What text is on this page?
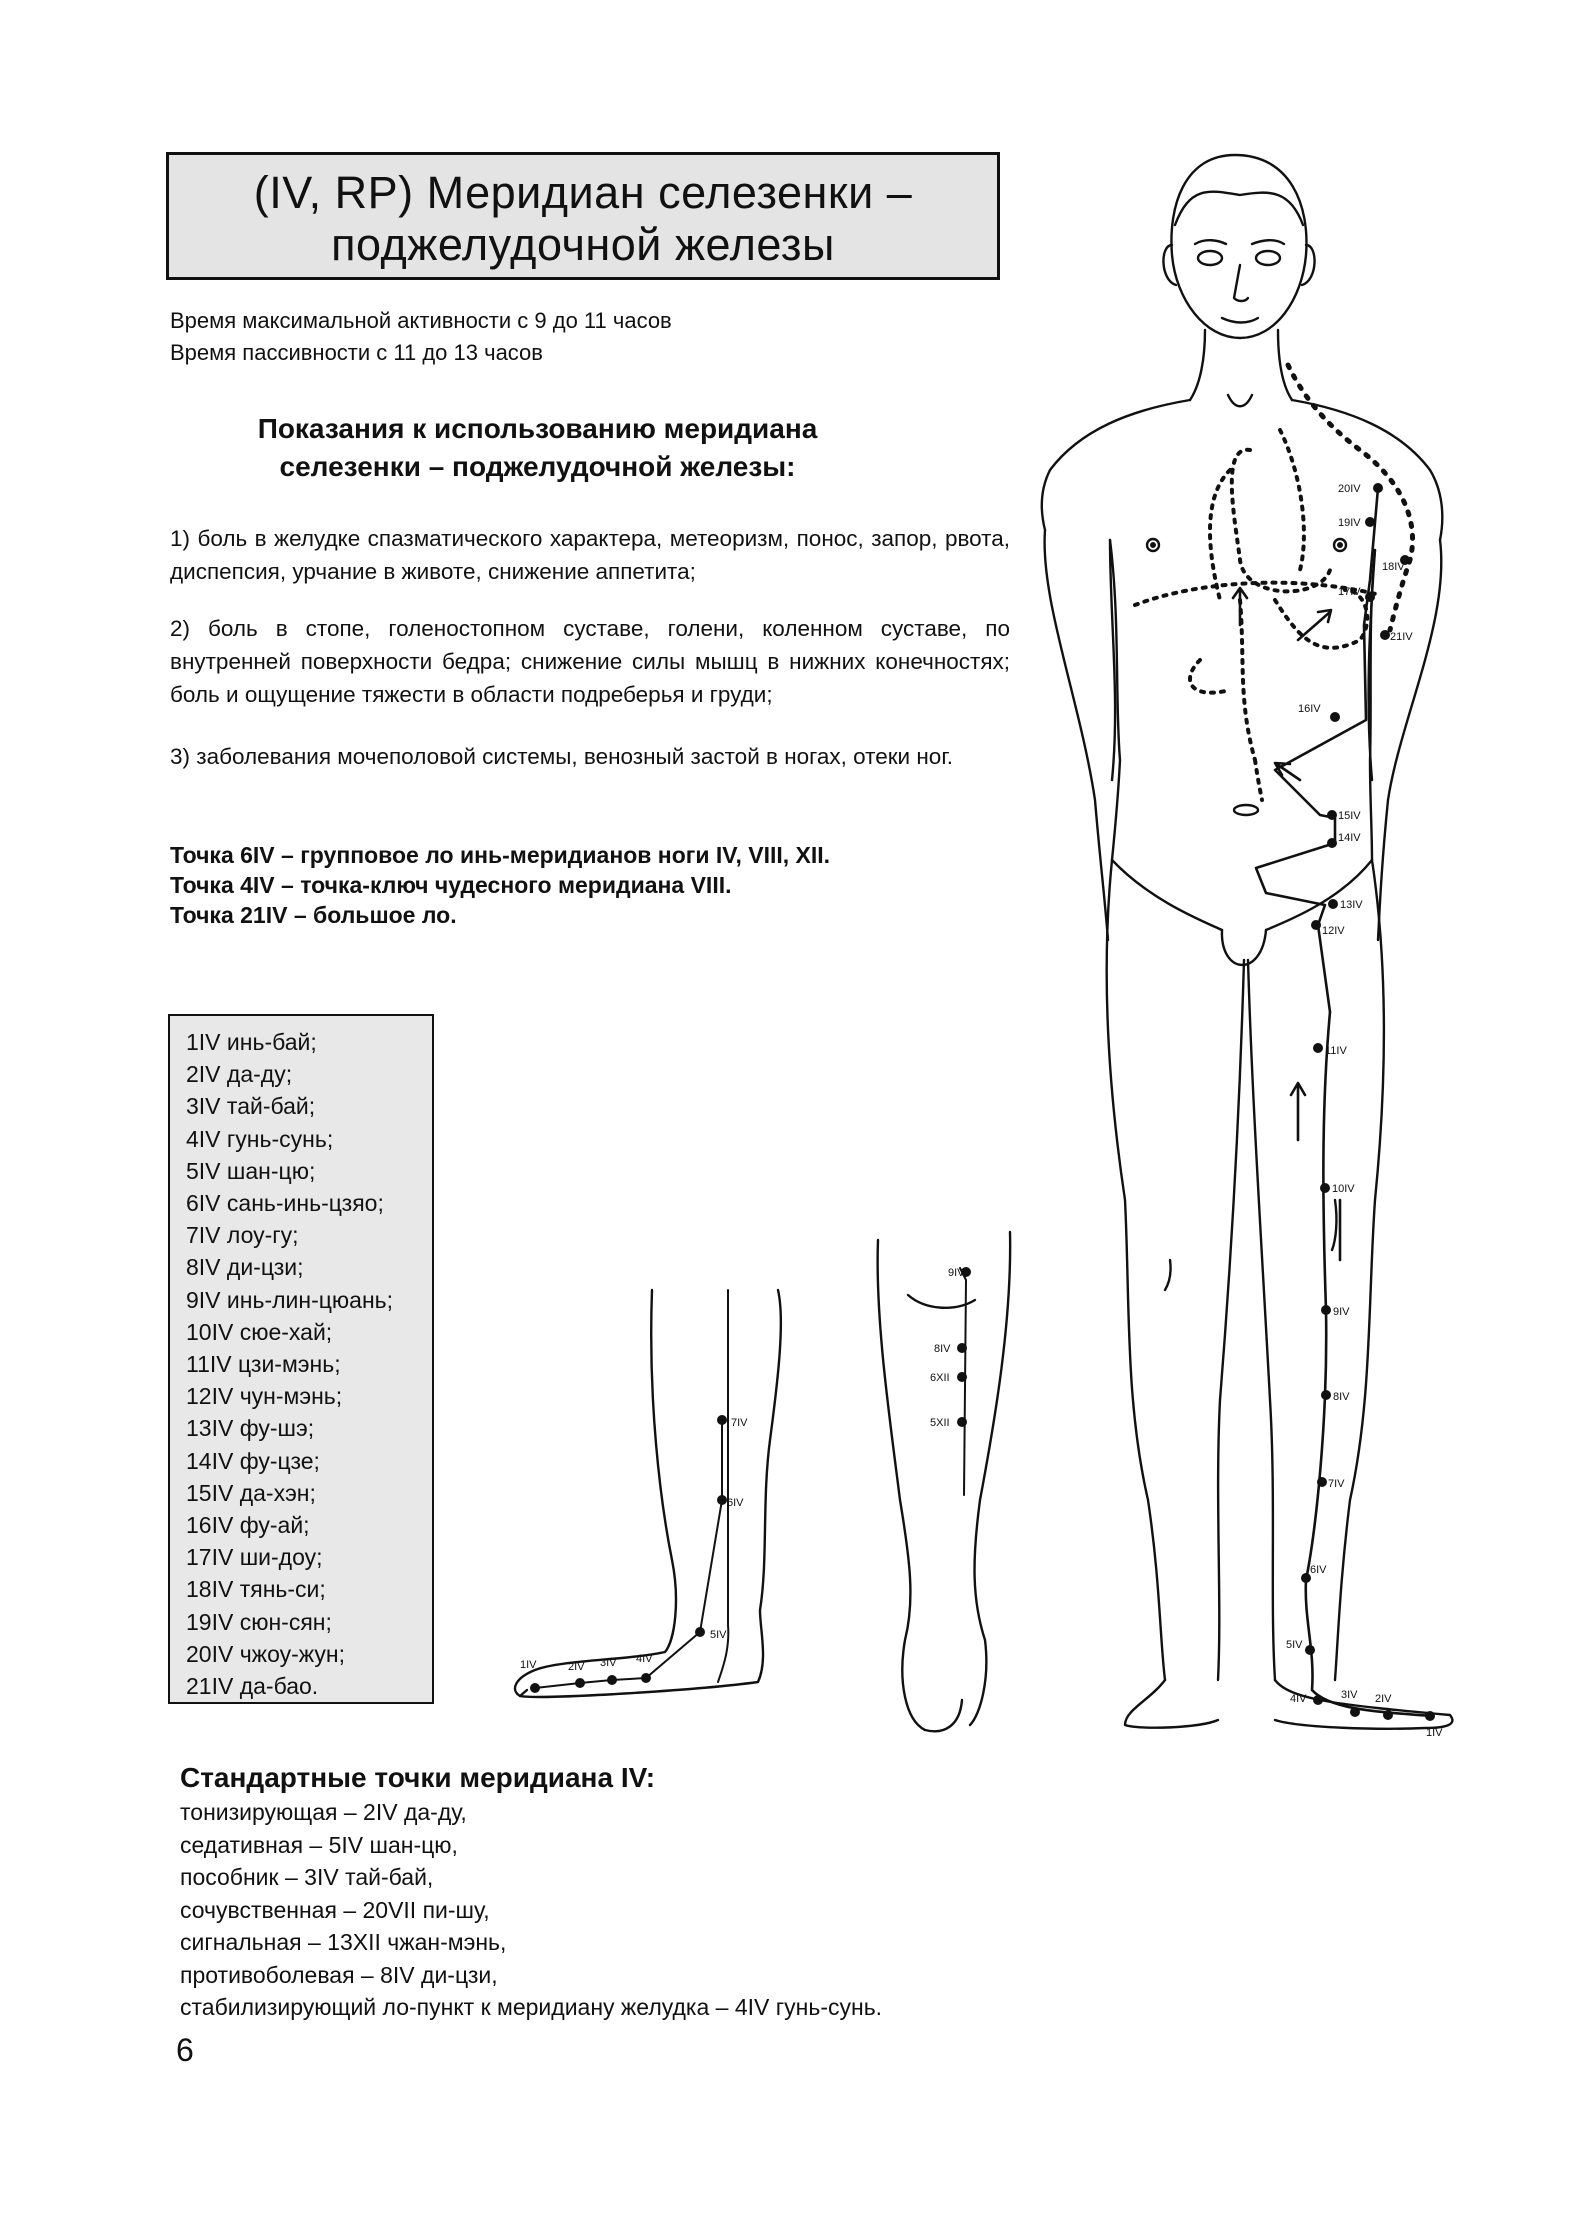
(IV, RP) Меридиан селезенки –
поджелудочной железы
Время максимальной активности с 9 до 11 часов
Время пассивности с 11 до 13 часов
Показания к использованию меридиана
селезенки – поджелудочной железы:
1) боль в желудке спазматического характера, метеоризм, понос, запор, рвота, диспепсия, урчание в животе, снижение аппетита;
2) боль в стопе, голеностопном суставе, голени, коленном суставе, по внутренней поверхности бедра; снижение силы мышц в нижних конечностях; боль и ощущение тяжести в области подреберья и груди;
3) заболевания мочеполовой системы, венозный застой в ногах, отеки ног.
Точка 6IV – групповое ло инь-меридианов ноги IV, VIII, XII.
Точка 4IV – точка-ключ чудесного меридиана VIII.
Точка 21IV – большое ло.
1IV инь-бай;
2IV да-ду;
3IV тай-бай;
4IV гунь-сунь;
5IV шан-цю;
6IV сань-инь-цзяо;
7IV лоу-гу;
8IV ди-цзи;
9IV инь-лин-цюань;
10IV сюе-хай;
11IV цзи-мэнь;
12IV чун-мэнь;
13IV фу-шэ;
14IV фу-цзе;
15IV да-хэн;
16IV фу-ай;
17IV ши-доу;
18IV тянь-си;
19IV сюн-сян;
20IV чжоу-жун;
21IV да-бао.
Стандартные точки меридиана IV:
тонизирующая – 2IV да-ду,
седативная – 5IV шан-цю,
пособник – 3IV тай-бай,
сочувственная – 20VII пи-шу,
сигнальная – 13XII чжан-мэнь,
противоболевая – 8IV ди-цзи,
стабилизирующий ло-пункт к меридиану желудка – 4IV гунь-сунь.
6
20IV
19IV
18IV
17IV
21IV
16IV
15IV
14IV
13IV
12IV
11IV
10IV
9IV
8IV
7IV
6IV
5IV
4IV	3IV 2IV
1IV
7IV
6IV
5IV
4IV
3IV
2IV
1IV
9IV
8IV
6XII
5XII
